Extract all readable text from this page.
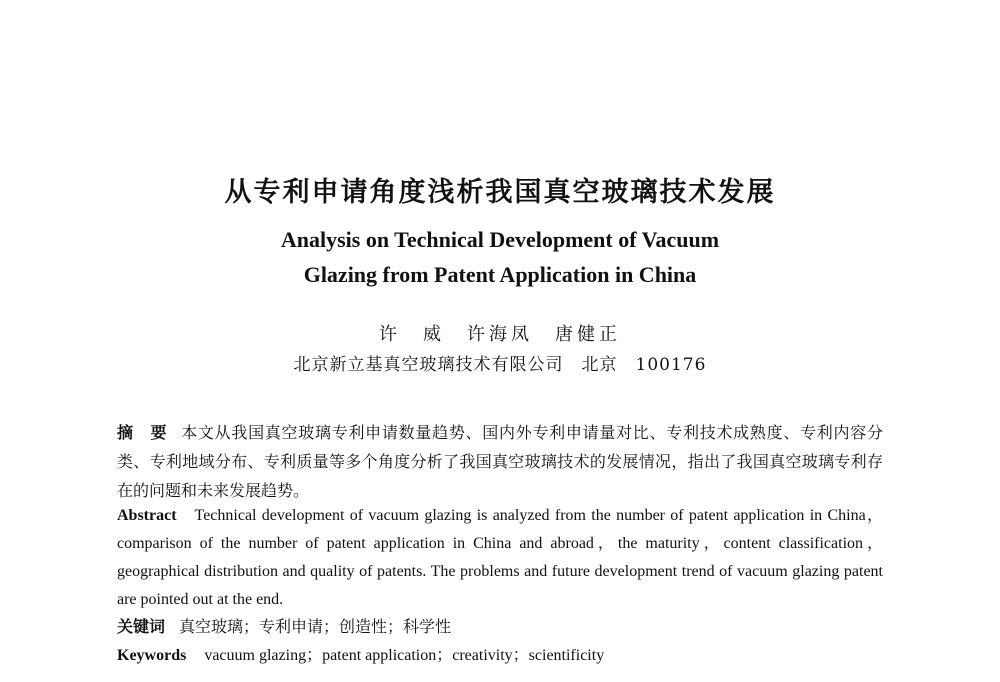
从专利申请角度浅析我国真空玻璃技术发展
Analysis on Technical Development of Vacuum
Glazing from Patent Application in China
许　威　许海凤　唐健正
北京新立基真空玻璃技术有限公司　北京　100176
摘　要 本文从我国真空玻璃专利申请数量趋势、国内外专利申请量对比、专利技术成熟度、专利内容分类、专利地域分布、专利质量等多个角度分析了我国真空玻璃技术的发展情况，指出了我国真空玻璃专利存在的问题和未来发展趋势。
Abstract Technical development of vacuum glazing is analyzed from the number of patent application in China，comparison of the number of patent application in China and abroad，the maturity，content classification，geographical distribution and quality of patents. The problems and future development trend of vacuum glazing patent are pointed out at the end.
关键词 真空玻璃；专利申请；创造性；科学性
Keywords vacuum glazing；patent application；creativity；scientificity
